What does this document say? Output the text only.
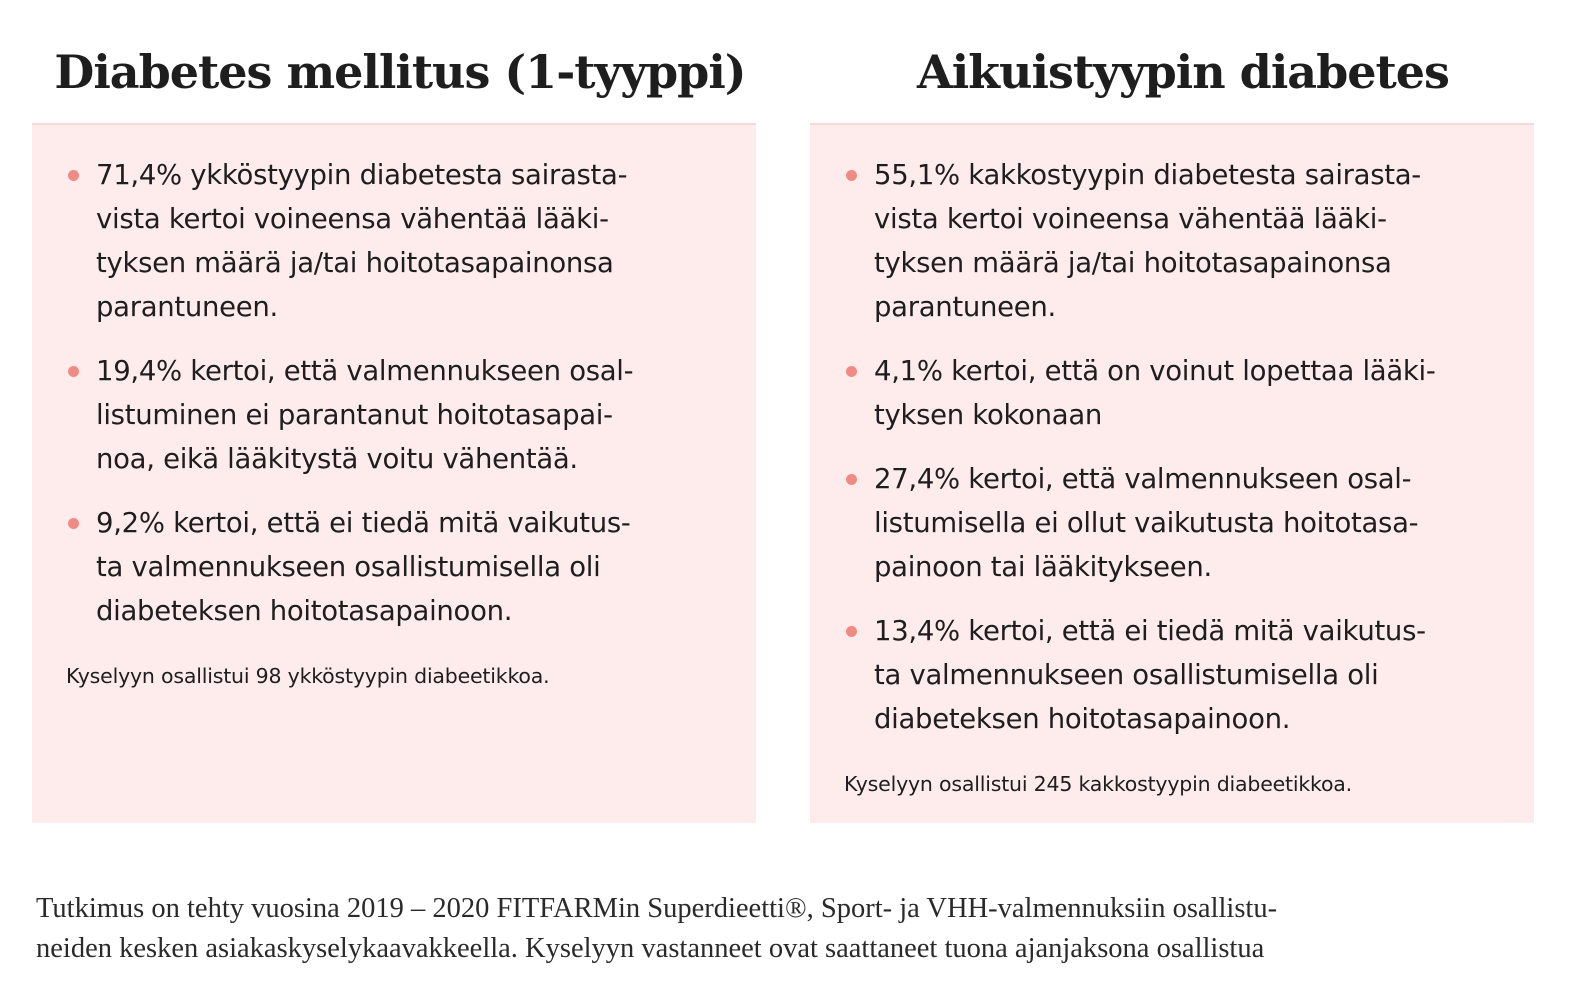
Diabetes mellitus (1-tyyppi)	Aikuistyypin diabetes
71,4% ykköstyypin diabetesta sairasta-
vista kertoi voineensa vähentää lääki-
tyksen määrä ja/tai hoitotasapainonsa
parantuneen.
19,4% kertoi, että valmennukseen osal-
listuminen ei parantanut hoitotasapai-
noa, eikä lääkitystä voitu vähentää.
9,2% kertoi, että ei tiedä mitä vaikutus-
ta valmennukseen osallistumisella oli
diabeteksen hoitotasapainoon.
Kyselyyn osallistui 98 ykköstyypin diabeetikkoa.
55,1% kakkostyypin diabetesta sairasta-
vista kertoi voineensa vähentää lääki-
tyksen määrä ja/tai hoitotasapainonsa
parantuneen.
4,1% kertoi, että on voinut lopettaa lääki-
tyksen kokonaan
27,4% kertoi, että valmennukseen osal-
listumisella ei ollut vaikutusta hoitotasa-
painoon tai lääkitykseen.
13,4% kertoi, että ei tiedä mitä vaikutus-
ta valmennukseen osallistumisella oli
diabeteksen hoitotasapainoon.
Kyselyyn osallistui 245 kakkostyypin diabeetikkoa.

Tutkimus on tehty vuosina 2019 – 2020 FITFARMin Superdieetti®, Sport- ja VHH-valmennuksiin osallistu-
neiden kesken asiakaskyselykaavakkeella. Kyselyyn vastanneet ovat saattaneet tuona ajanjaksona osallistua
